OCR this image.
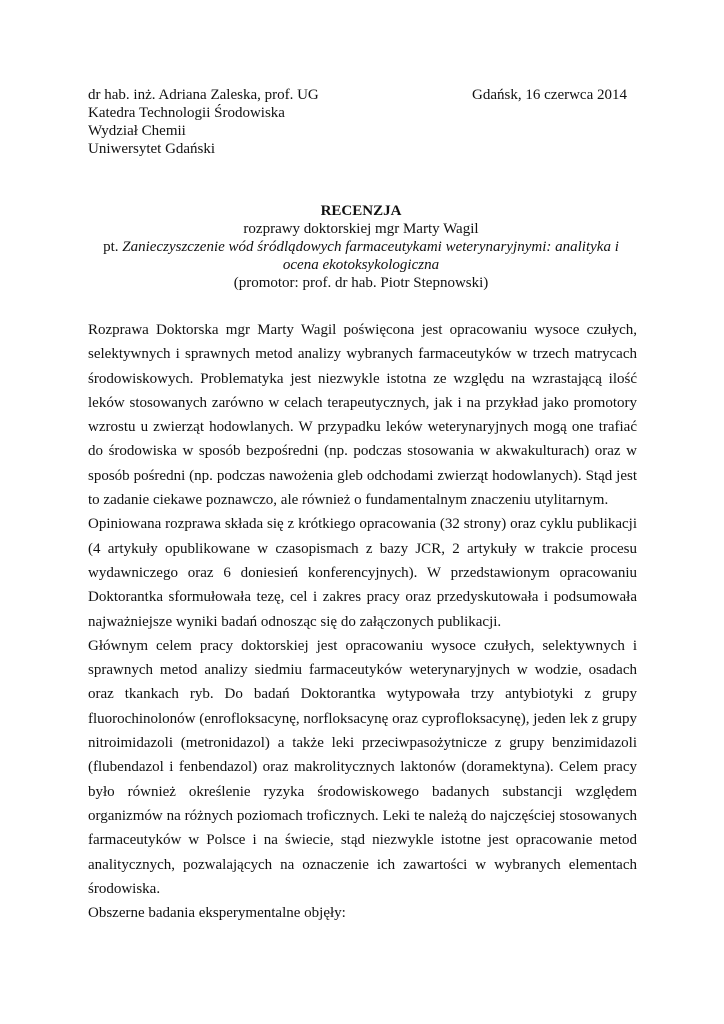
dr hab. inż. Adriana Zaleska, prof. UG
Katedra Technologii Środowiska
Wydział Chemii
Uniwersytet Gdański
Gdańsk, 16 czerwca 2014
RECENZJA
rozprawy doktorskiej mgr Marty Wagil
pt. Zanieczyszczenie wód śródlądowych farmaceutykami weterynaryjnymi: analityka i ocena ekotoksykologiczna
(promotor: prof. dr hab. Piotr Stepnowski)

Rozprawa Doktorska mgr Marty Wagil poświęcona jest opracowaniu wysoce czułych, selektywnych i sprawnych metod analizy wybranych farmaceutyków w trzech matrycach środowiskowych. Problematyka jest niezwykle istotna ze względu na wzrastającą ilość leków stosowanych zarówno w celach terapeutycznych, jak i na przykład jako promotory wzrostu u zwierząt hodowlanych. W przypadku leków weterynaryjnych mogą one trafiać do środowiska w sposób bezpośredni (np. podczas stosowania w akwakulturach) oraz w sposób pośredni (np. podczas nawożenia gleb odchodami zwierząt hodowlanych). Stąd jest to zadanie ciekawe poznawczo, ale również o fundamentalnym znaczeniu utylitarnym.

Opiniowana rozprawa składa się z krótkiego opracowania (32 strony) oraz cyklu publikacji (4 artykuły opublikowane w czasopismach z bazy JCR, 2 artykuły w trakcie procesu wydawniczego oraz 6 doniesień konferencyjnych). W przedstawionym opracowaniu Doktorantka sformułowała tezę, cel i zakres pracy oraz przedyskutowała i podsumowała najważniejsze wyniki badań odnosząc się do załączonych publikacji.

Głównym celem pracy doktorskiej jest opracowaniu wysoce czułych, selektywnych i sprawnych metod analizy siedmiu farmaceutyków weterynaryjnych w wodzie, osadach oraz tkankach ryb. Do badań Doktorantka wytypowała trzy antybiotyki z grupy fluorochinolonów (enrofloksacynę, norfloksacynę oraz cyprofloksacynę), jeden lek z grupy nitroimidazoli (metronidazol) a także leki przeciwpasożytnicze z grupy benzimidazoli (flubendazol i fenbendazol) oraz makrolitycznych laktonów (doramektyna). Celem pracy było również określenie ryzyka środowiskowego badanych substancji względem organizmów na różnych poziomach troficznych. Leki te należą do najczęściej stosowanych farmaceutyków w Polsce i na świecie, stąd niezwykle istotne jest opracowanie metod analitycznych, pozwalających na oznaczenie ich zawartości w wybranych elementach środowiska.

Obszerne badania eksperymentalne objęły:
